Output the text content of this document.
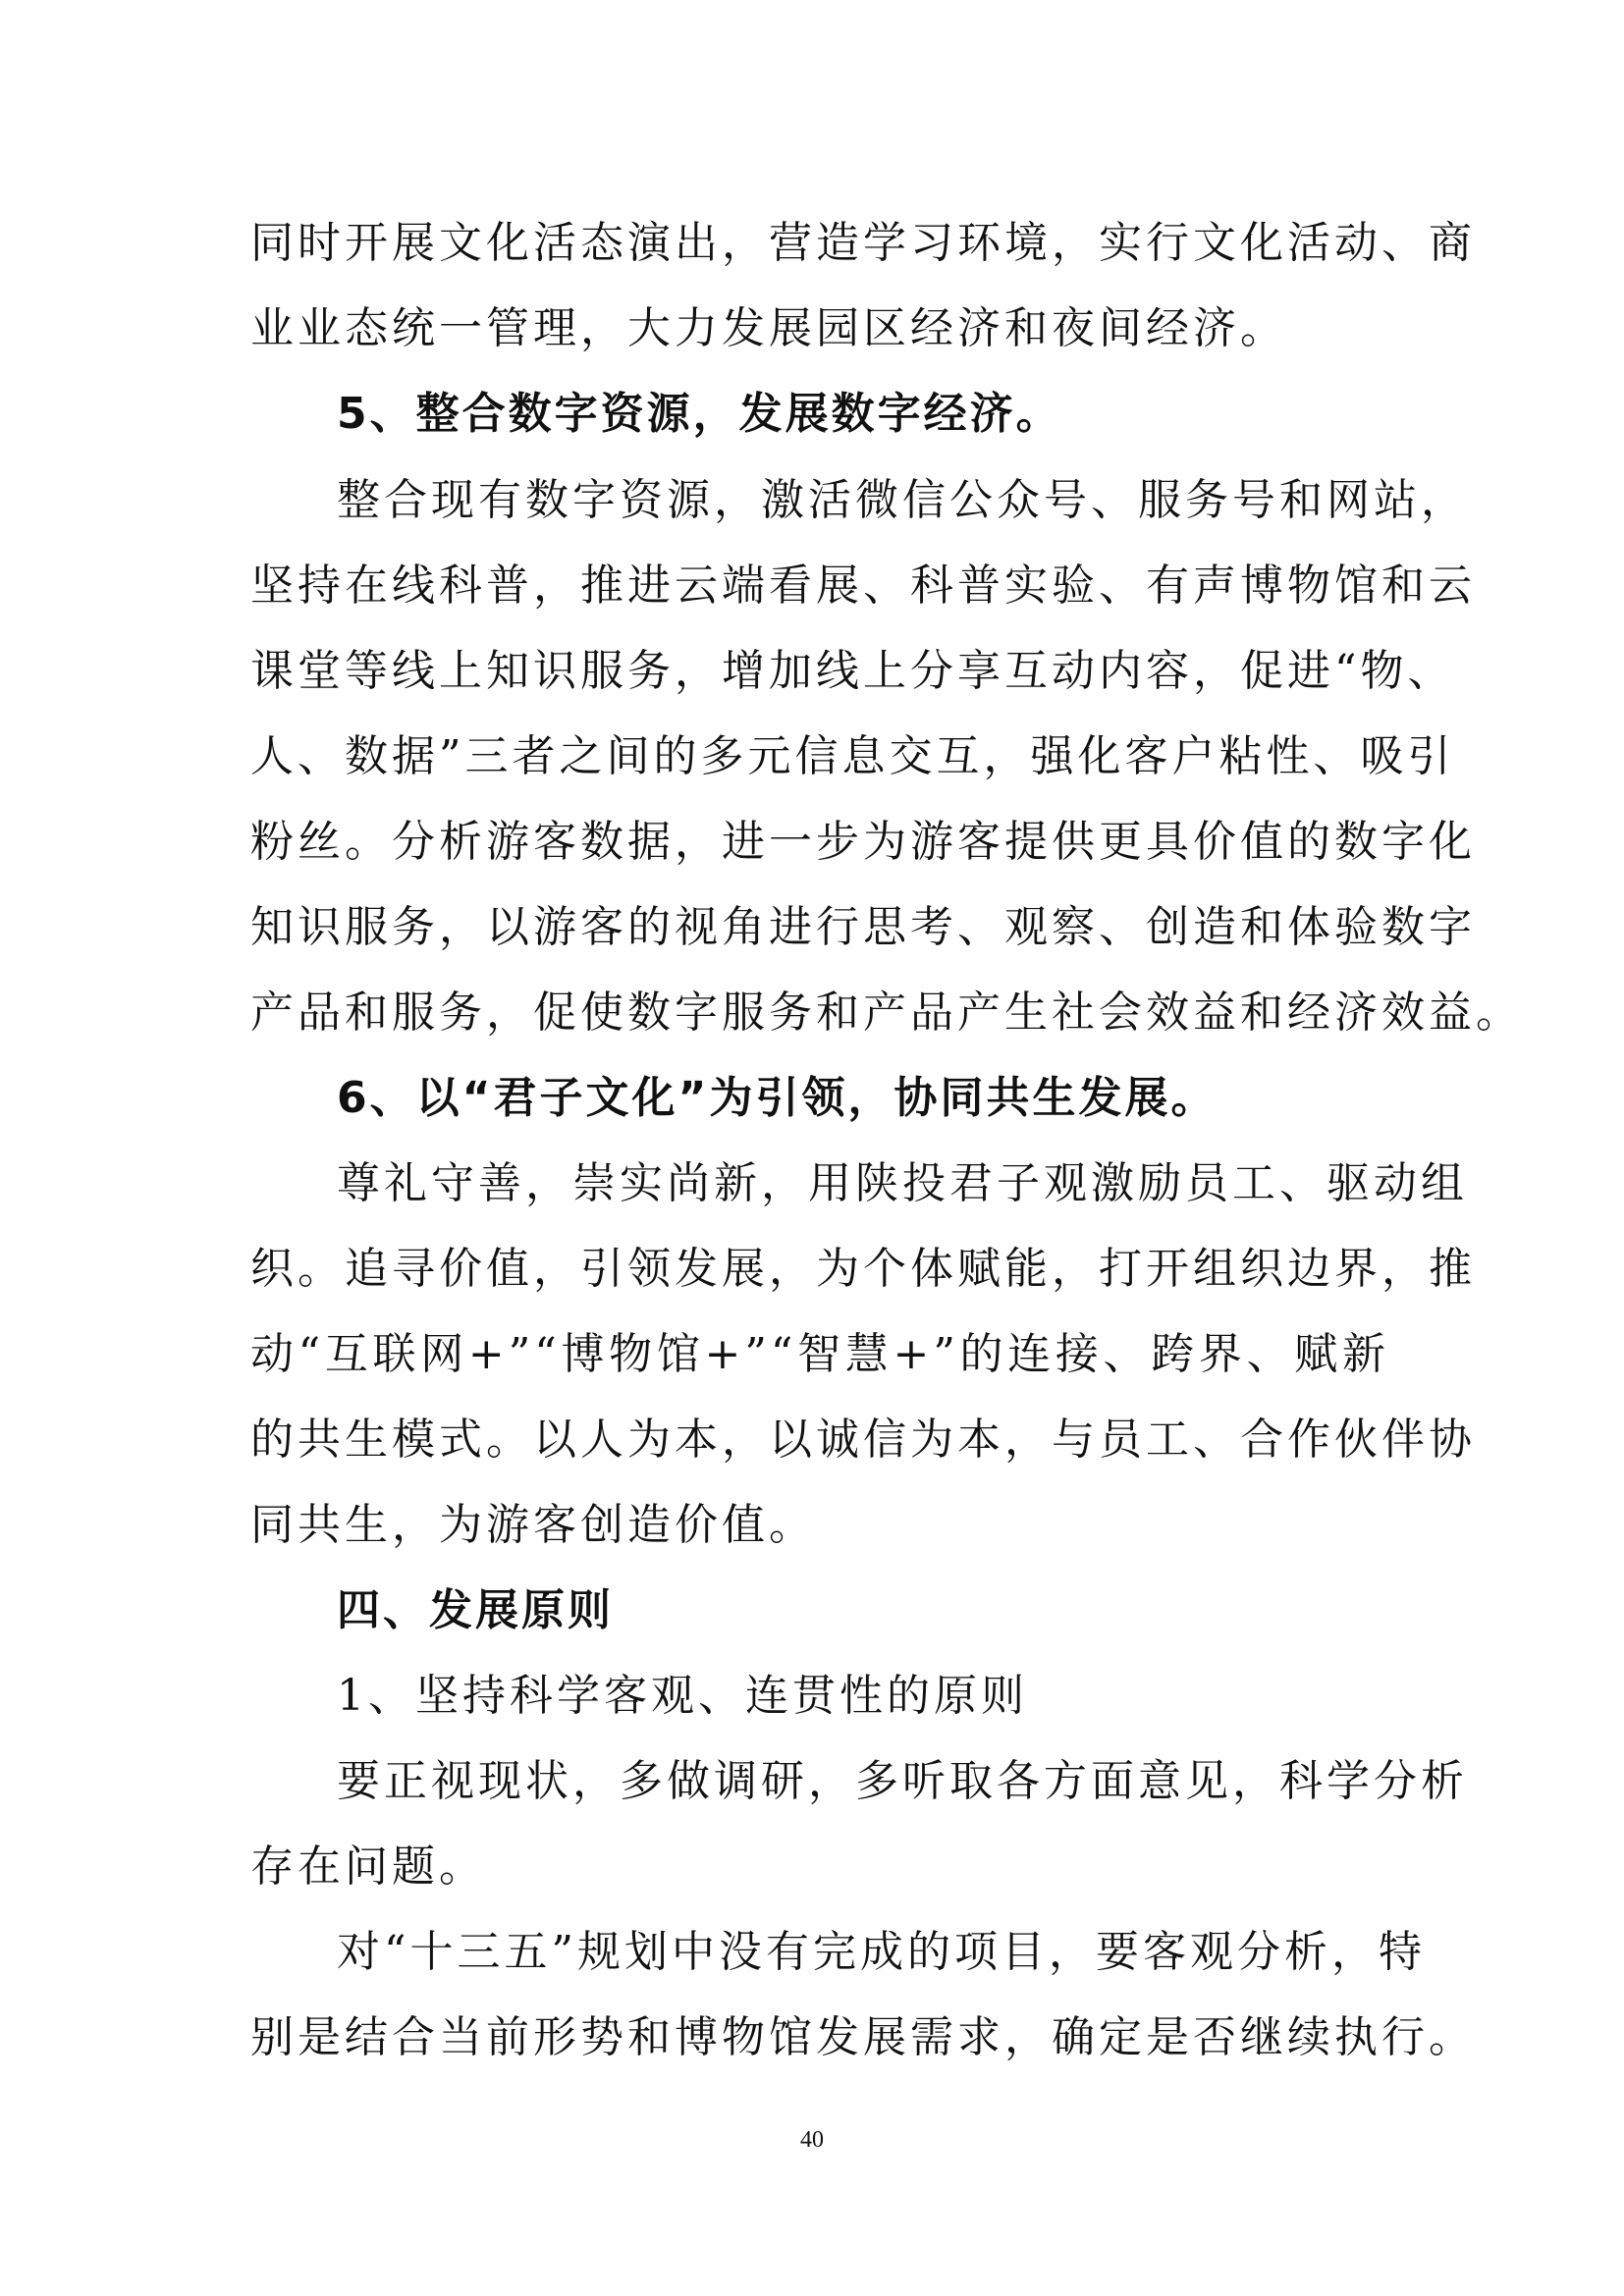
同时开展文化活态演出，营造学习环境，实行文化活动、商
业业态统一管理，大力发展园区经济和夜间经济。
5、整合数字资源，发展数字经济。
整合现有数字资源，激活微信公众号、服务号和网站，
坚持在线科普，推进云端看展、科普实验、有声博物馆和云
课堂等线上知识服务，增加线上分享互动内容，促进“物、
人、数据”三者之间的多元信息交互，强化客户粘性、吸引
粉丝。分析游客数据，进一步为游客提供更具价值的数字化
知识服务，以游客的视角进行思考、观察、创造和体验数字
产品和服务，促使数字服务和产品产生社会效益和经济效益。
6、以“君子文化”为引领，协同共生发展。
尊礼守善，崇实尚新，用陕投君子观激励员工、驱动组
织。追寻价值，引领发展，为个体赋能，打开组织边界，推
动“互联网+”“博物馆+”“智慧+”的连接、跨界、赋新
的共生模式。以人为本，以诚信为本，与员工、合作伙伴协
同共生，为游客创造价值。
四、发展原则
1、坚持科学客观、连贯性的原则
要正视现状，多做调研，多听取各方面意见，科学分析
存在问题。
对“十三五”规划中没有完成的项目，要客观分析，特
别是结合当前形势和博物馆发展需求，确定是否继续执行。
40
